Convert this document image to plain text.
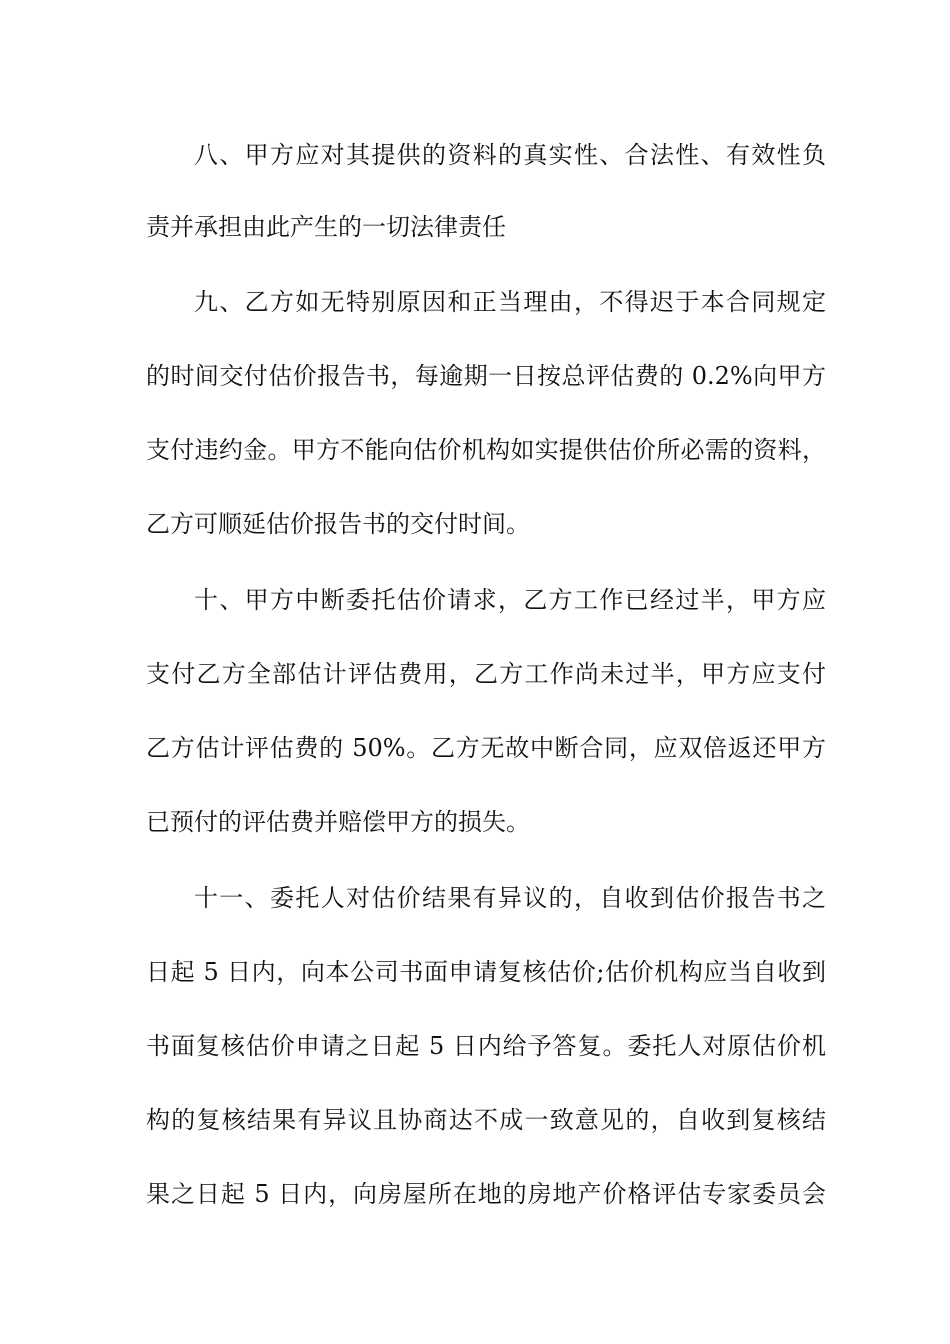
八、甲方应对其提供的资料的真实性、合法性、有效性负
责并承担由此产生的一切法律责任
九、乙方如无特别原因和正当理由，不得迟于本合同规定
的时间交付估价报告书，每逾期一日按总评估费的 0.2%向甲方
支付违约金。甲方不能向估价机构如实提供估价所必需的资料，
乙方可顺延估价报告书的交付时间。
十、甲方中断委托估价请求，乙方工作已经过半，甲方应
支付乙方全部估计评估费用，乙方工作尚未过半，甲方应支付
乙方估计评估费的 50%。乙方无故中断合同，应双倍返还甲方
已预付的评估费并赔偿甲方的损失。
十一、委托人对估价结果有异议的，自收到估价报告书之
日起 5 日内，向本公司书面申请复核估价;估价机构应当自收到
书面复核估价申请之日起 5 日内给予答复。委托人对原估价机
构的复核结果有异议且协商达不成一致意见的，自收到复核结
果之日起 5 日内，向房屋所在地的房地产价格评估专家委员会
